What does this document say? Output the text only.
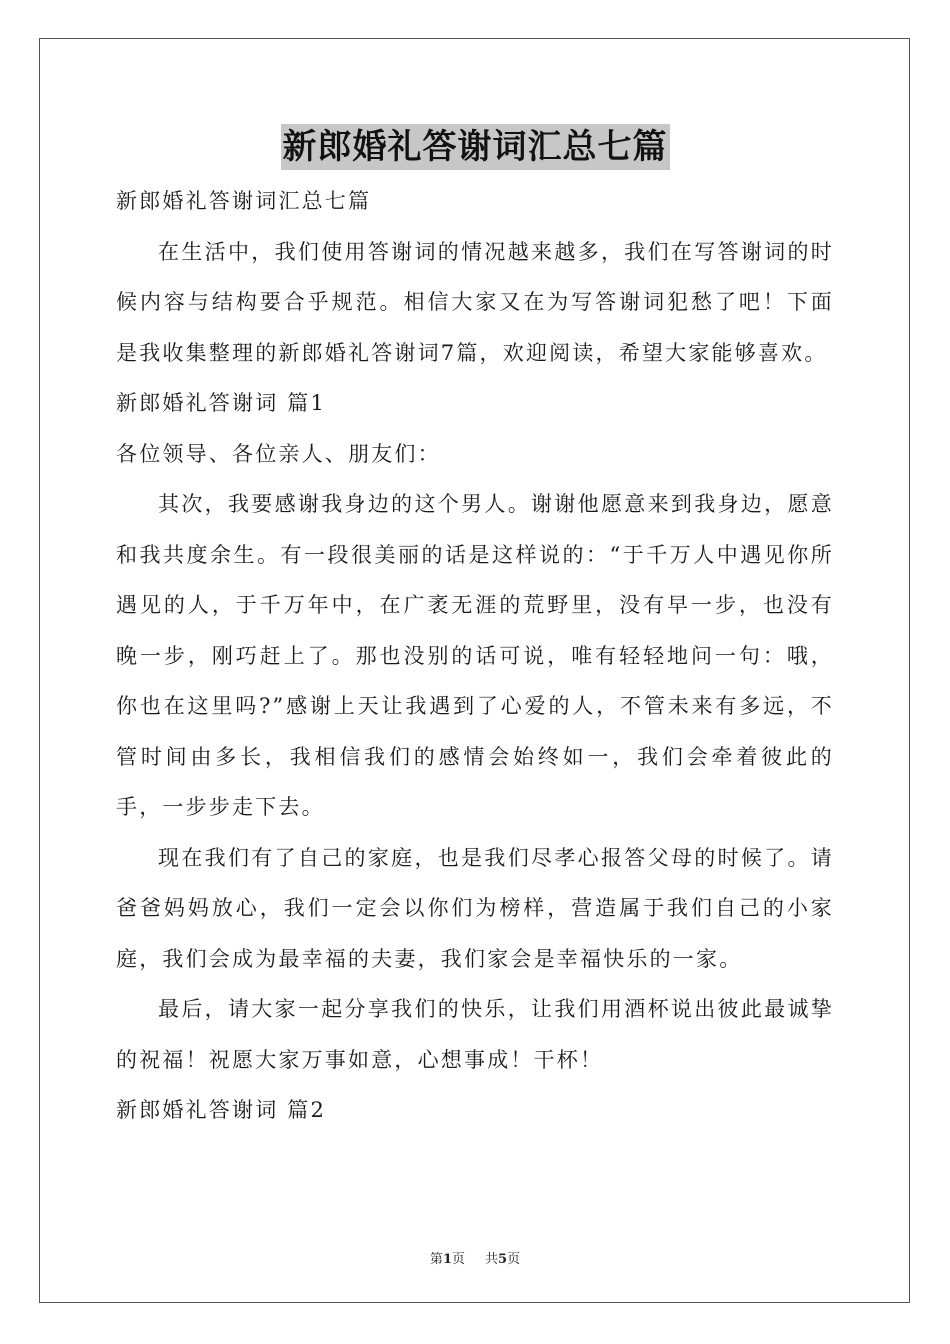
新郎婚礼答谢词汇总七篇

新郎婚礼答谢词汇总七篇

在生活中，我们使用答谢词的情况越来越多，我们在写答谢词的时候内容与结构要合乎规范。相信大家又在为写答谢词犯愁了吧！下面是我收集整理的新郎婚礼答谢词7篇，欢迎阅读，希望大家能够喜欢。

新郎婚礼答谢词 篇1

各位领导、各位亲人、朋友们：

其次，我要感谢我身边的这个男人。谢谢他愿意来到我身边，愿意和我共度余生。有一段很美丽的话是这样说的：“于千万人中遇见你所遇见的人，于千万年中，在广袤无涯的荒野里，没有早一步，也没有晚一步，刚巧赶上了。那也没别的话可说，唯有轻轻地问一句：哦，你也在这里吗?”感谢上天让我遇到了心爱的人，不管未来有多远，不管时间由多长，我相信我们的感情会始终如一，我们会牵着彼此的手，一步步走下去。

现在我们有了自己的家庭，也是我们尽孝心报答父母的时候了。请爸爸妈妈放心，我们一定会以你们为榜样，营造属于我们自己的小家庭，我们会成为最幸福的夫妻，我们家会是幸福快乐的一家。

最后，请大家一起分享我们的快乐，让我们用酒杯说出彼此最诚挚的祝福！祝愿大家万事如意，心想事成！干杯！

新郎婚礼答谢词 篇2

第1页 共5页
